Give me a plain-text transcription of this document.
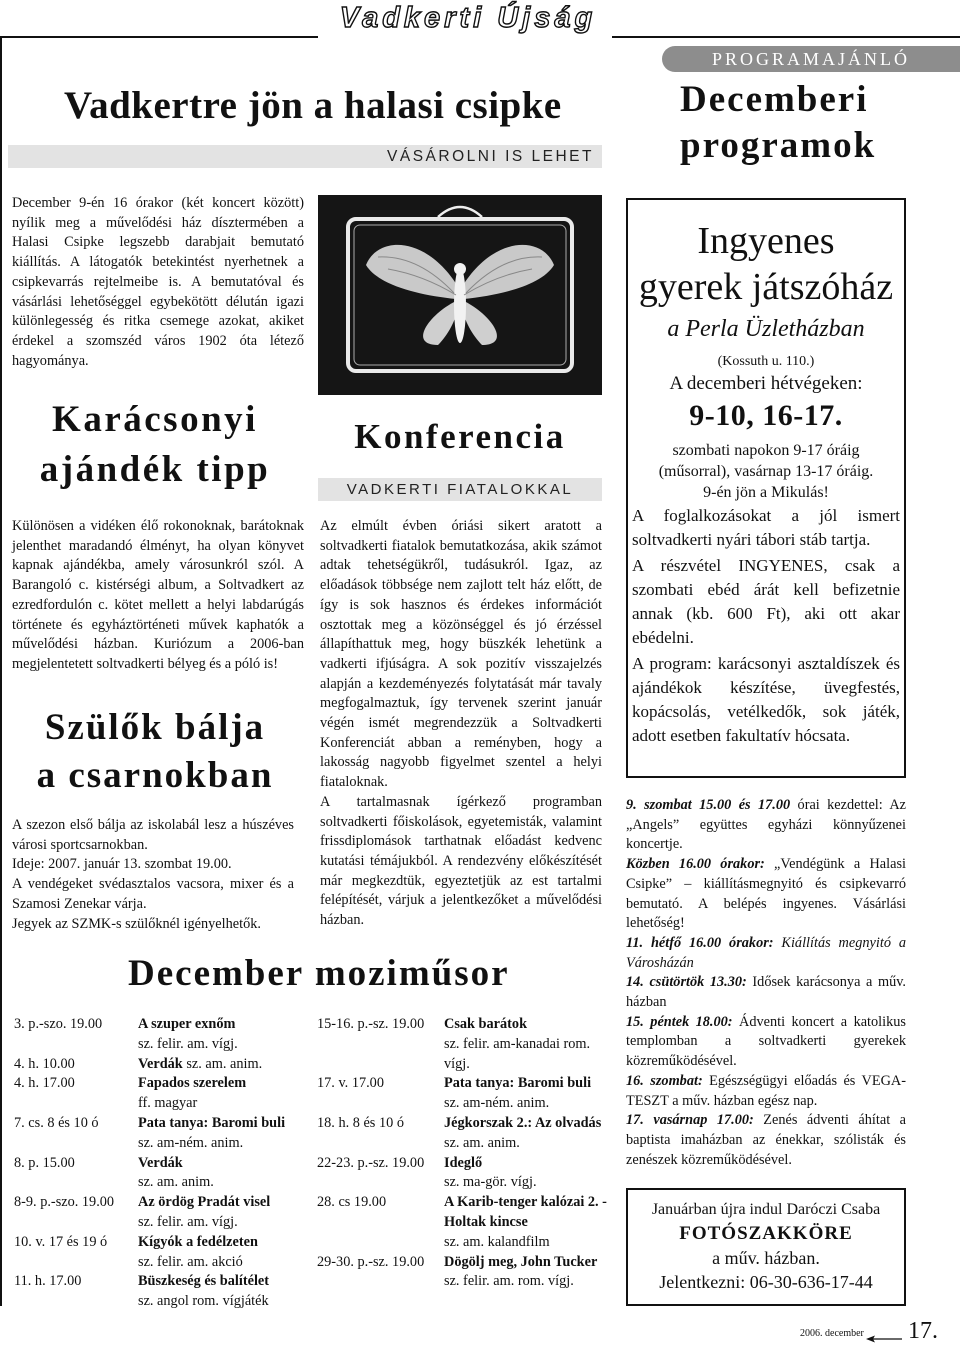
Vadkerti Újság
Vadkertre jön a halasi csipke
VÁSÁROLNI IS LEHET
PROGRAMAJÁNLÓ
Decemberi
programok
December 9-én 16 órakor (két koncert között) nyílik meg a művelődési ház dísztermében a Halasi Csipke legszebb darabjait bemutató kiállítás. A látogatók betekintést nyerhetnek a csipkevarrás rejtelmeibe is. A bemutatóval és vásárlási lehetőséggel egybekötött délután igazi különlegesség és ritka csemege azokat, akiket érdekel a szomszéd város 1902 óta létező hagyománya.
Karácsonyi
ajándék tipp
Különösen a vidéken élő rokonoknak, barátoknak jelenthet maradandó élményt, ha olyan könyvet kapnak ajándékba, amely városunkról szól. A Barangoló c. kistérségi album, a Soltvadkert az ezredfordulón c. kötet mellett a helyi labdarúgás története és egyháztörténeti művek kaphatók a művelődési házban. Kuriózum a 2006-ban megjelentetett soltvadkerti bélyeg és a póló is!
Szülők bálja
a csarnokban

A szezon első bálja az iskolabál lesz a húszéves városi sportcsarnokban.

Ideje: 2007. január 13. szombat 19.00.

A vendégeket svédasztalos vacsora, mixer és a Szamosi Zenekar várja.

Jegyek az SZMK-s szülőknél igényelhetők.

Konferencia
VADKERTI FIATALOKKAL

Az elmúlt évben óriási sikert aratott a soltvadkerti fiatalok bemutatkozása, akik számot adtak tehetségükről, tudásukról. Igaz, az előadások többsége nem zajlott telt ház előtt, de így is sok hasznos és érdekes információt osztottak meg a közönséggel és jó érzéssel állapíthattuk meg, hogy büszkék lehetünk a vadkerti ifjúságra. A sok pozitív visszajelzés alapján a kezdeményezés folytatását már tavaly megfogalmaztuk, így tervenek szerint január végén ismét megrendezzük a Soltvadkerti Konferenciát abban a reményben, hogy a lakosság nagyobb figyelmet szentel a helyi fiataloknak.

A tartalmasnak ígérkező programban soltvadkerti főiskolások, egyetemisták, valamint frissdiplomások tarthatnak előadást kedvenc kutatási témájukból. A rendezvény előkészítését már megkezdtük, egyeztetjük az est tartalmi felépítését, várjuk a jelentkezőket a művelődési házban.

Ingyenes
gyerek játszóház
a Perla Üzletházban
(Kossuth u. 110.)
A decemberi hétvégeken:
9-10, 16-17.
szombati napokon 9-17 óráig (műsorral), vasárnap 13-17 óráig.
9-én jön a Mikulás!
A foglalkozásokat a jól ismert soltvadkerti nyári tábori stáb tartja.
A részvétel INGYENES, csak a szombati ebéd árát kell befizetnie annak (kb. 600 Ft), aki ott akar ebédelni.
A program: karácsonyi asztaldíszek és ajándékok készítése, üvegfestés, kopácsolás, vetélkedők, sok játék, adott esetben fakultatív hócsata.

9. szombat 15.00 és 17.00 órai kezdettel: Az „Angels” együttes egyházi könnyűzenei koncertje.

Közben 16.00 órakor: „Vendégünk a Halasi Csipke” – kiállításmegnyitó és csipkevarró bemutató. A belépés ingyenes. Vásárlási lehetőség!

11. hétfő 16.00 órakor: Kiállítás megnyitó a Városházán

14. csütörtök 13.30: Idősek karácsonya a műv. házban

15. péntek 18.00: Ádventi koncert a katolikus templomban a soltvadkerti gyerekek közreműködésével.

16. szombat: Egészségügyi előadás és VEGA-TESZT a műv. házban egész nap.

17. vasárnap 17.00: Zenés ádventi áhítat a baptista imaházban az énekkar, szólisták és zenészek közreműködésével.

Januárban újra indul Daróczi Csaba
FOTÓSZAKKÖRE
a műv. házban.
Jelentkezni: 06-30-636-17-44
December moziműsor
3. p.-szo. 19.00	A szuper exnőm
sz. felir. am. vígj.
4. h. 10.00	Verdák sz. am. anim.
4. h. 17.00	Fapados szerelem
ff. magyar
7. cs. 8 és 10 ó	Pata tanya: Baromi buli
sz. am-ném. anim.
8. p. 15.00	Verdák
sz. am. anim.
8-9. p.-szo. 19.00	Az ördög Pradát visel
sz. felir. am. vígj.
10. v. 17 és 19 ó	Kígyók a fedélzeten
sz. felir. am. akció
11. h. 17.00	Büszkeség és balítélet
sz. angol rom. vígjáték
15-16. p.-sz. 19.00	Csak barátok
sz. felir. am-kanadai rom. vígj.
17. v. 17.00	Pata tanya: Baromi buli
sz. am-ném. anim.
18. h. 8 és 10 ó	Jégkorszak 2.: Az olvadás
sz. am. anim.
22-23. p.-sz. 19.00	Ideglő
sz. ma-gör. vígj.
28. cs 19.00	A Karib-tenger kalózai 2. - Holtak kincse
sz. am. kalandfilm
29-30. p.-sz. 19.00	Dögölj meg, John Tucker
sz. felir. am. rom. vígj.
2006. december 17.
